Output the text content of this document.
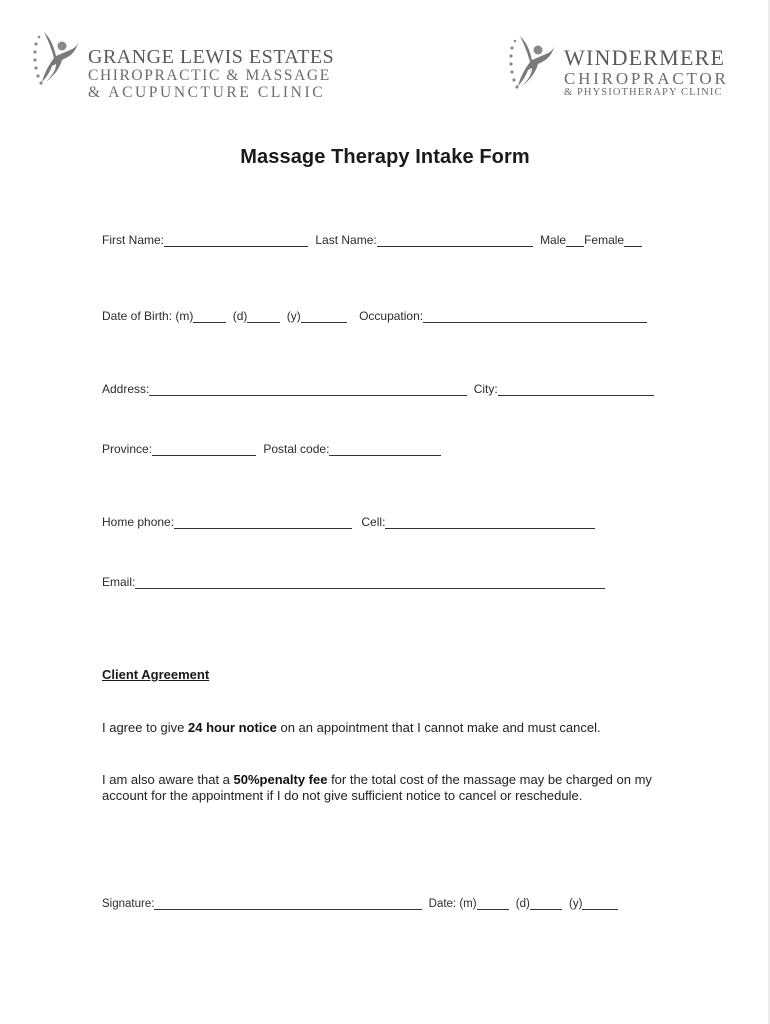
GRANGE LEWIS ESTATES
CHIROPRACTIC & MASSAGE
& ACUPUNCTURE CLINIC
WINDERMERE
CHIROPRACTOR
& PHYSIOTHERAPY CLINIC
Massage Therapy Intake Form
First Name:	Last Name:	Male Female
Date of Birth: (m)	(d)	(y)	Occupation:
Address:	City:
Province:	Postal code:
Home phone:	Cell:
Email:
Client Agreement
I agree to give 24 hour notice on an appointment that I cannot make and must cancel.
I am also aware that a 50%penalty fee for the total cost of the massage may be charged on my account for the appointment if I do not give sufficient notice to cancel or reschedule.
Signature:	Date: (m)	(d)	(y)
